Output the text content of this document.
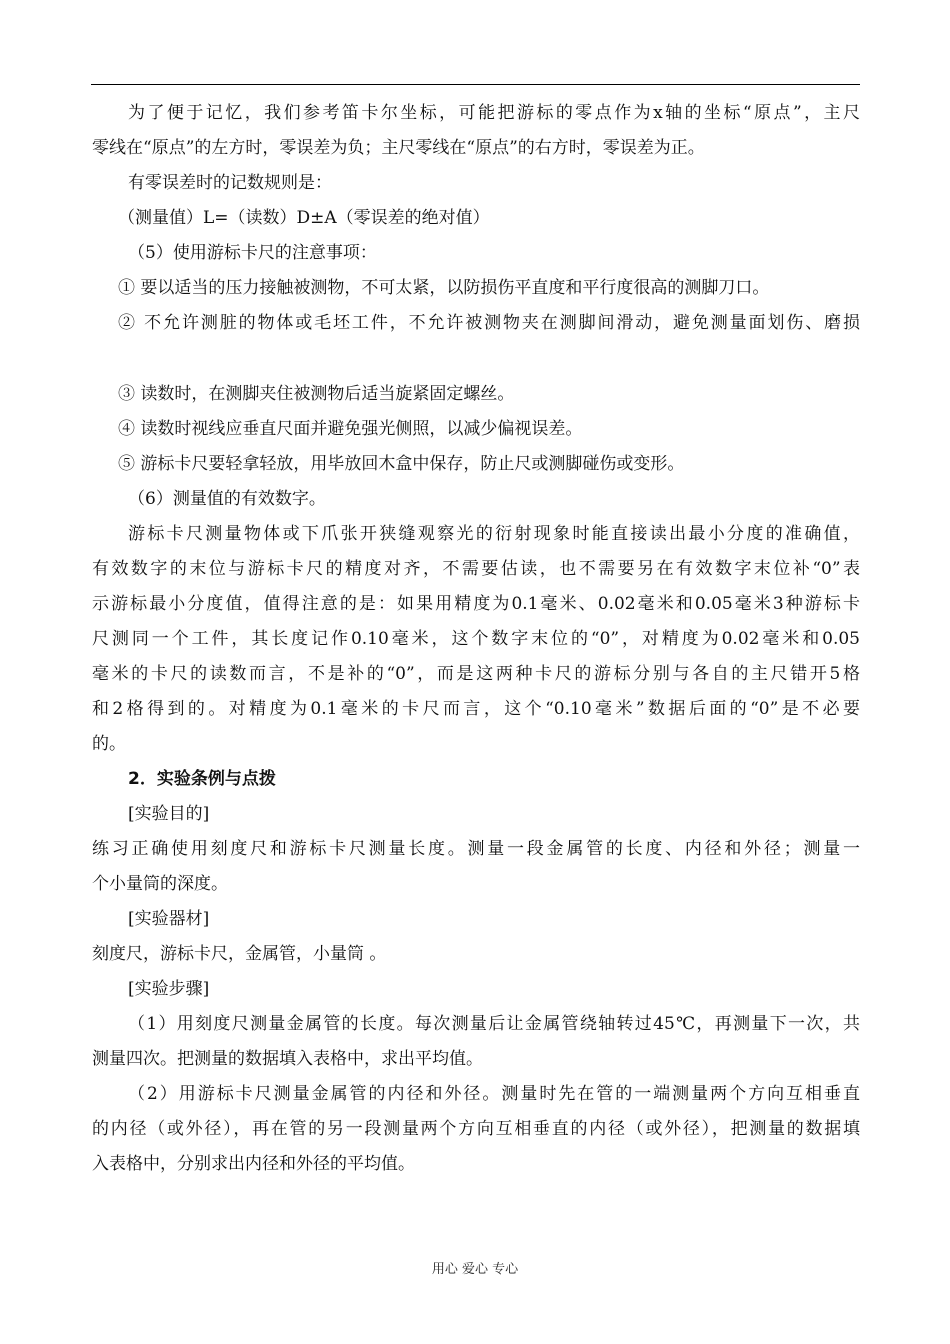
为了便于记忆，我们参考笛卡尔坐标，可能把游标的零点作为x轴的坐标“原点”，主尺

零线在“原点”的左方时，零误差为负；主尺零线在“原点”的右方时，零误差为正。

有零误差时的记数规则是：

（测量值）L=（读数）D±A（零误差的绝对值）

（5）使用游标卡尺的注意事项：

① 要以适当的压力接触被测物，不可太紧，以防损伤平直度和平行度很高的测脚刀口。

② 不允许测脏的物体或毛坯工件，不允许被测物夹在测脚间滑动，避免测量面划伤、磨损

③ 读数时，在测脚夹住被测物后适当旋紧固定螺丝。

④ 读数时视线应垂直尺面并避免强光侧照，以减少偏视误差。

⑤ 游标卡尺要轻拿轻放，用毕放回木盒中保存，防止尺或测脚碰伤或变形。

（6）测量值的有效数字。

游标卡尺测量物体或下爪张开狭缝观察光的衍射现象时能直接读出最小分度的准确值，

有效数字的末位与游标卡尺的精度对齐，不需要估读，也不需要另在有效数字末位补“0”表

示游标最小分度值，值得注意的是：如果用精度为0.1毫米、0.02毫米和0.05毫米3种游标卡

尺测同一个工件，其长度记作0.10毫米，这个数字末位的“0”，对精度为0.02毫米和0.05

毫米的卡尺的读数而言，不是补的“0”，而是这两种卡尺的游标分别与各自的主尺错开5格

和2格得到的。对精度为0.1毫米的卡尺而言，这个“0.10毫米”数据后面的“0”是不必要

的。

2．实验条例与点拨

[实验目的]

练习正确使用刻度尺和游标卡尺测量长度。测量一段金属管的长度、内径和外径；测量一

个小量筒的深度。

[实验器材]

刻度尺，游标卡尺，金属管，小量筒 。

[实验步骤]

（1）用刻度尺测量金属管的长度。每次测量后让金属管绕轴转过45℃，再测量下一次，共

测量四次。把测量的数据填入表格中，求出平均值。

（2）用游标卡尺测量金属管的内径和外径。测量时先在管的一端测量两个方向互相垂直

的内径（或外径），再在管的另一段测量两个方向互相垂直的内径（或外径），把测量的数据填

入表格中，分别求出内径和外径的平均值。

用心 爱心 专心
